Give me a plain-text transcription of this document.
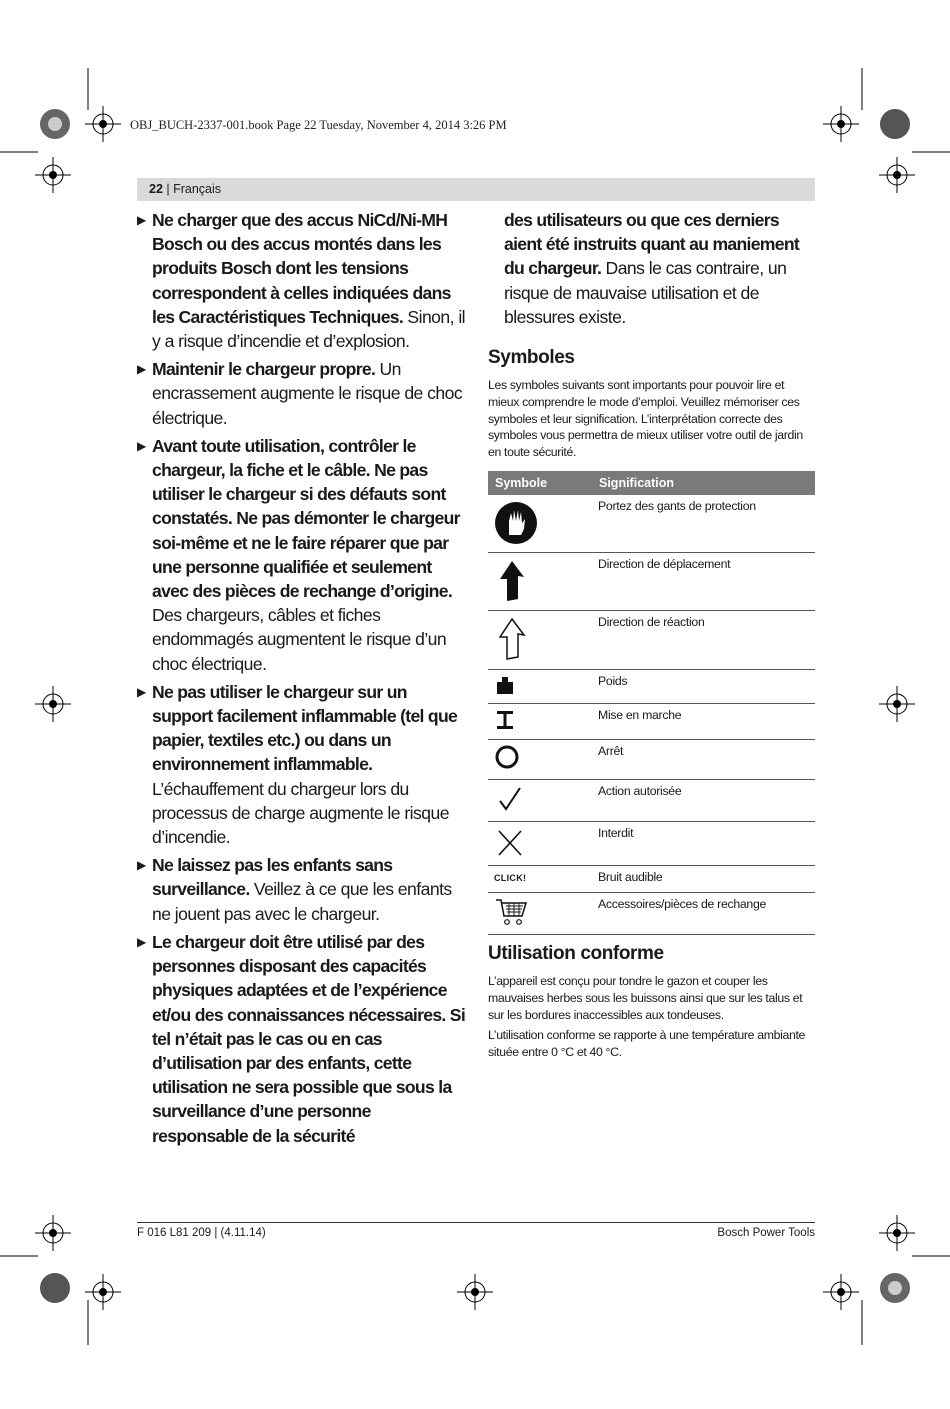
OBJ_BUCH-2337-001.book Page 22 Tuesday, November 4, 2014 3:26 PM
22 | Français
▶ Ne charger que des accus NiCd/Ni-MH Bosch ou des accus montés dans les produits Bosch dont les tensions correspondent à celles indiquées dans les Caractéristiques Techniques. Sinon, il y a risque d’incendie et d’explosion.
▶ Maintenir le chargeur propre. Un encrassement augmente le risque de choc électrique.
▶ Avant toute utilisation, contrôler le chargeur, la fiche et le câble. Ne pas utiliser le chargeur si des défauts sont constatés. Ne pas démonter le chargeur soi-même et ne le faire réparer que par une personne qualifiée et seulement avec des pièces de rechange d’origine. Des chargeurs, câbles et fiches endommagés augmentent le risque d’un choc électrique.
▶ Ne pas utiliser le chargeur sur un support facilement inflammable (tel que papier, textiles etc.) ou dans un environnement inflammable. L’échauffement du chargeur lors du processus de charge augmente le risque d’incendie.
▶ Ne laissez pas les enfants sans surveillance. Veillez à ce que les enfants ne jouent pas avec le chargeur.
▶ Le chargeur doit être utilisé par des personnes disposant des capacités physiques adaptées et de l’expérience et/ou des connaissances nécessaires. Si tel n’était pas le cas ou en cas d’utilisation par des enfants, cette utilisation ne sera possible que sous la surveillance d’une personne responsable de la sécurité
des utilisateurs ou que ces derniers aient été instruits quant au maniement du chargeur. Dans le cas contraire, un risque de mauvaise utilisation et de blessures existe.
Symboles

Les symboles suivants sont importants pour pouvoir lire et mieux comprendre le mode d’emploi. Veuillez mémoriser ces symboles et leur signification. L’interprétation correcte des symboles vous permettra de mieux utiliser votre outil de jardin en toute sécurité.

Symbole	Signification
	Portez des gants de protection
	Direction de déplacement
	Direction de réaction
	Poids
	Mise en marche
	Arrêt
	Action autorisée
	Interdit
CLICK!	Bruit audible
	Accessoires/pièces de rechange
Utilisation conforme

L’appareil est conçu pour tondre le gazon et couper les mauvaises herbes sous les buissons ainsi que sur les talus et sur les bordures inaccessibles aux tondeuses.

L’utilisation conforme se rapporte à une température ambiante située entre 0 °C et 40 °C.

F 016 L81 209 | (4.11.14)	Bosch Power Tools
